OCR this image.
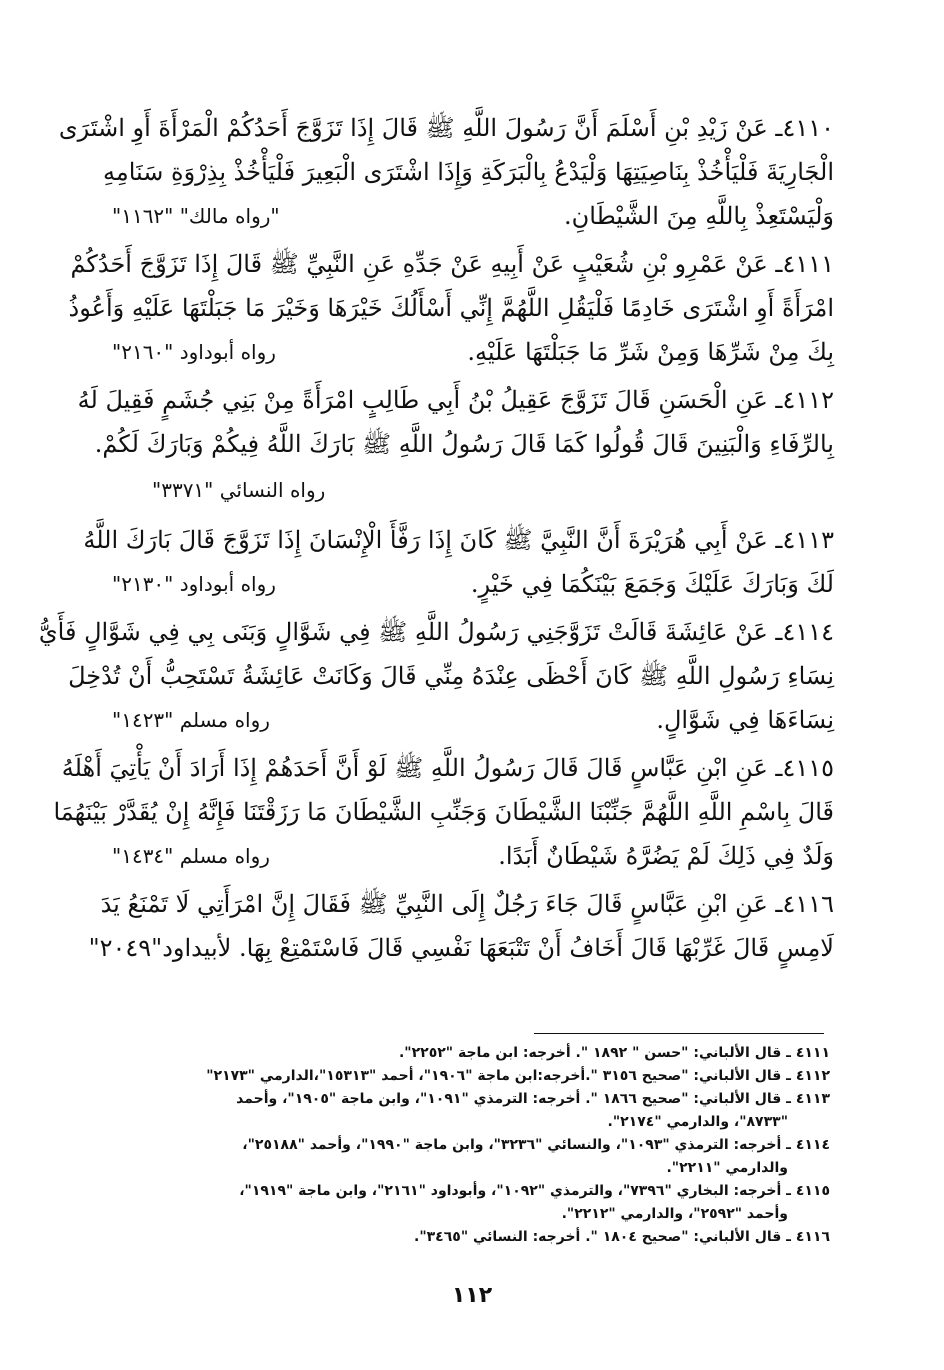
٤١١٠ـ عَنْ زَيْدِ بْنِ أَسْلَمَ أَنَّ رَسُولَ اللَّهِ ﷺ قَالَ إِذَا تَزَوَّجَ أَحَدُكُمْ الْمَرْأَةَ أَوِ اشْتَرَى
الْجَارِيَةَ فَلْيَأْخُذْ بِنَاصِيَتِهَا وَلْيَدْعُ بِالْبَرَكَةِ وَإِذَا اشْتَرَى الْبَعِيرَ فَلْيَأْخُذْ بِذِرْوَةِ سَنَامِهِ
وَلْيَسْتَعِذْ بِاللَّهِ مِنَ الشَّيْطَانِ.
"رواه مالك" "١١٦٢"
٤١١١ـ عَنْ عَمْرِو بْنِ شُعَيْبٍ عَنْ أَبِيهِ عَنْ جَدِّهِ عَنِ النَّبِيِّ ﷺ قَالَ إِذَا تَزَوَّجَ أَحَدُكُمْ
امْرَأَةً أَوِ اشْتَرَى خَادِمًا فَلْيَقُلِ اللَّهُمَّ إِنِّي أَسْأَلُكَ خَيْرَهَا وَخَيْرَ مَا جَبَلْتَهَا عَلَيْهِ وَأَعُوذُ
بِكَ مِنْ شَرِّهَا وَمِنْ شَرِّ مَا جَبَلْتَهَا عَلَيْهِ.
رواه أبوداود "٢١٦٠"
٤١١٢ـ عَنِ الْحَسَنِ قَالَ تَزَوَّجَ عَقِيلُ بْنُ أَبِي طَالِبٍ امْرَأَةً مِنْ بَنِي جُشَمٍ فَقِيلَ لَهُ
بِالرِّفَاءِ وَالْبَنِينَ قَالَ قُولُوا كَمَا قَالَ رَسُولُ اللَّهِ ﷺ بَارَكَ اللَّهُ فِيكُمْ وَبَارَكَ لَكُمْ.
رواه النسائي "٣٣٧١"
٤١١٣ـ عَنْ أَبِي هُرَيْرَةَ أَنَّ النَّبِيَّ ﷺ كَانَ إِذَا رَفَّأَ الْإِنْسَانَ إِذَا تَزَوَّجَ قَالَ بَارَكَ اللَّهُ
لَكَ وَبَارَكَ عَلَيْكَ وَجَمَعَ بَيْنَكُمَا فِي خَيْرٍ.
رواه أبوداود "٢١٣٠"
٤١١٤ـ عَنْ عَائِشَةَ قَالَتْ تَزَوَّجَنِي رَسُولُ اللَّهِ ﷺ فِي شَوَّالٍ وَبَنَى بِي فِي شَوَّالٍ فَأَيُّ
نِسَاءِ رَسُولِ اللَّهِ ﷺ كَانَ أَحْظَى عِنْدَهُ مِنِّي قَالَ وَكَانَتْ عَائِشَةُ تَسْتَحِبُّ أَنْ تُدْخِلَ
نِسَاءَهَا فِي شَوَّالٍ.
رواه مسلم "١٤٢٣"
٤١١٥ـ عَنِ ابْنِ عَبَّاسٍ قَالَ قَالَ رَسُولُ اللَّهِ ﷺ لَوْ أَنَّ أَحَدَهُمْ إِذَا أَرَادَ أَنْ يَأْتِيَ أَهْلَهُ
قَالَ بِاسْمِ اللَّهِ اللَّهُمَّ جَنِّبْنَا الشَّيْطَانَ وَجَنِّبِ الشَّيْطَانَ مَا رَزَقْتَنَا فَإِنَّهُ إِنْ يُقَدَّرْ بَيْنَهُمَا
وَلَدٌ فِي ذَلِكَ لَمْ يَضُرَّهُ شَيْطَانٌ أَبَدًا.
رواه مسلم "١٤٣٤"
٤١١٦ـ عَنِ ابْنِ عَبَّاسٍ قَالَ جَاءَ رَجُلٌ إِلَى النَّبِيِّ ﷺ فَقَالَ إِنَّ امْرَأَتِي لَا تَمْنَعُ يَدَ
لَامِسٍ قَالَ غَرِّبْهَا قَالَ أَخَافُ أَنْ تَتْبَعَهَا نَفْسِي قَالَ فَاسْتَمْتِعْ بِهَا. لأبيداود"٢٠٤٩"
٤١١١ ـ قال الألباني: "حسن " ١٨٩٢ ". أخرجه: ابن ماجة "٢٢٥٢".
٤١١٢ ـ قال الألباني: "صحيح ٣١٥٦ ".أخرجه:ابن ماجة "١٩٠٦"، أحمد "١٥٣١٣"،الدارمي "٢١٧٣"
٤١١٣ ـ قال الألباني: "صحيح ١٨٦٦ ". أخرجه: الترمذي "١٠٩١"، وابن ماجة "١٩٠٥"، وأحمد
"٨٧٣٣"، والدارمي "٢١٧٤".
٤١١٤ ـ أخرجه: الترمذي "١٠٩٣"، والنسائي "٣٢٣٦"، وابن ماجة "١٩٩٠"، وأحمد "٢٥١٨٨"،
والدارمي "٢٢١١".
٤١١٥ ـ أخرجه: البخاري "٧٣٩٦"، والترمذي "١٠٩٢"، وأبوداود "٢١٦١"، وابن ماجة "١٩١٩"،
وأحمد "٢٥٩٢"، والدارمي "٢٢١٢".
٤١١٦ ـ قال الألباني: "صحيح ١٨٠٤ ". أخرجه: النسائي "٣٤٦٥".
١١٢
